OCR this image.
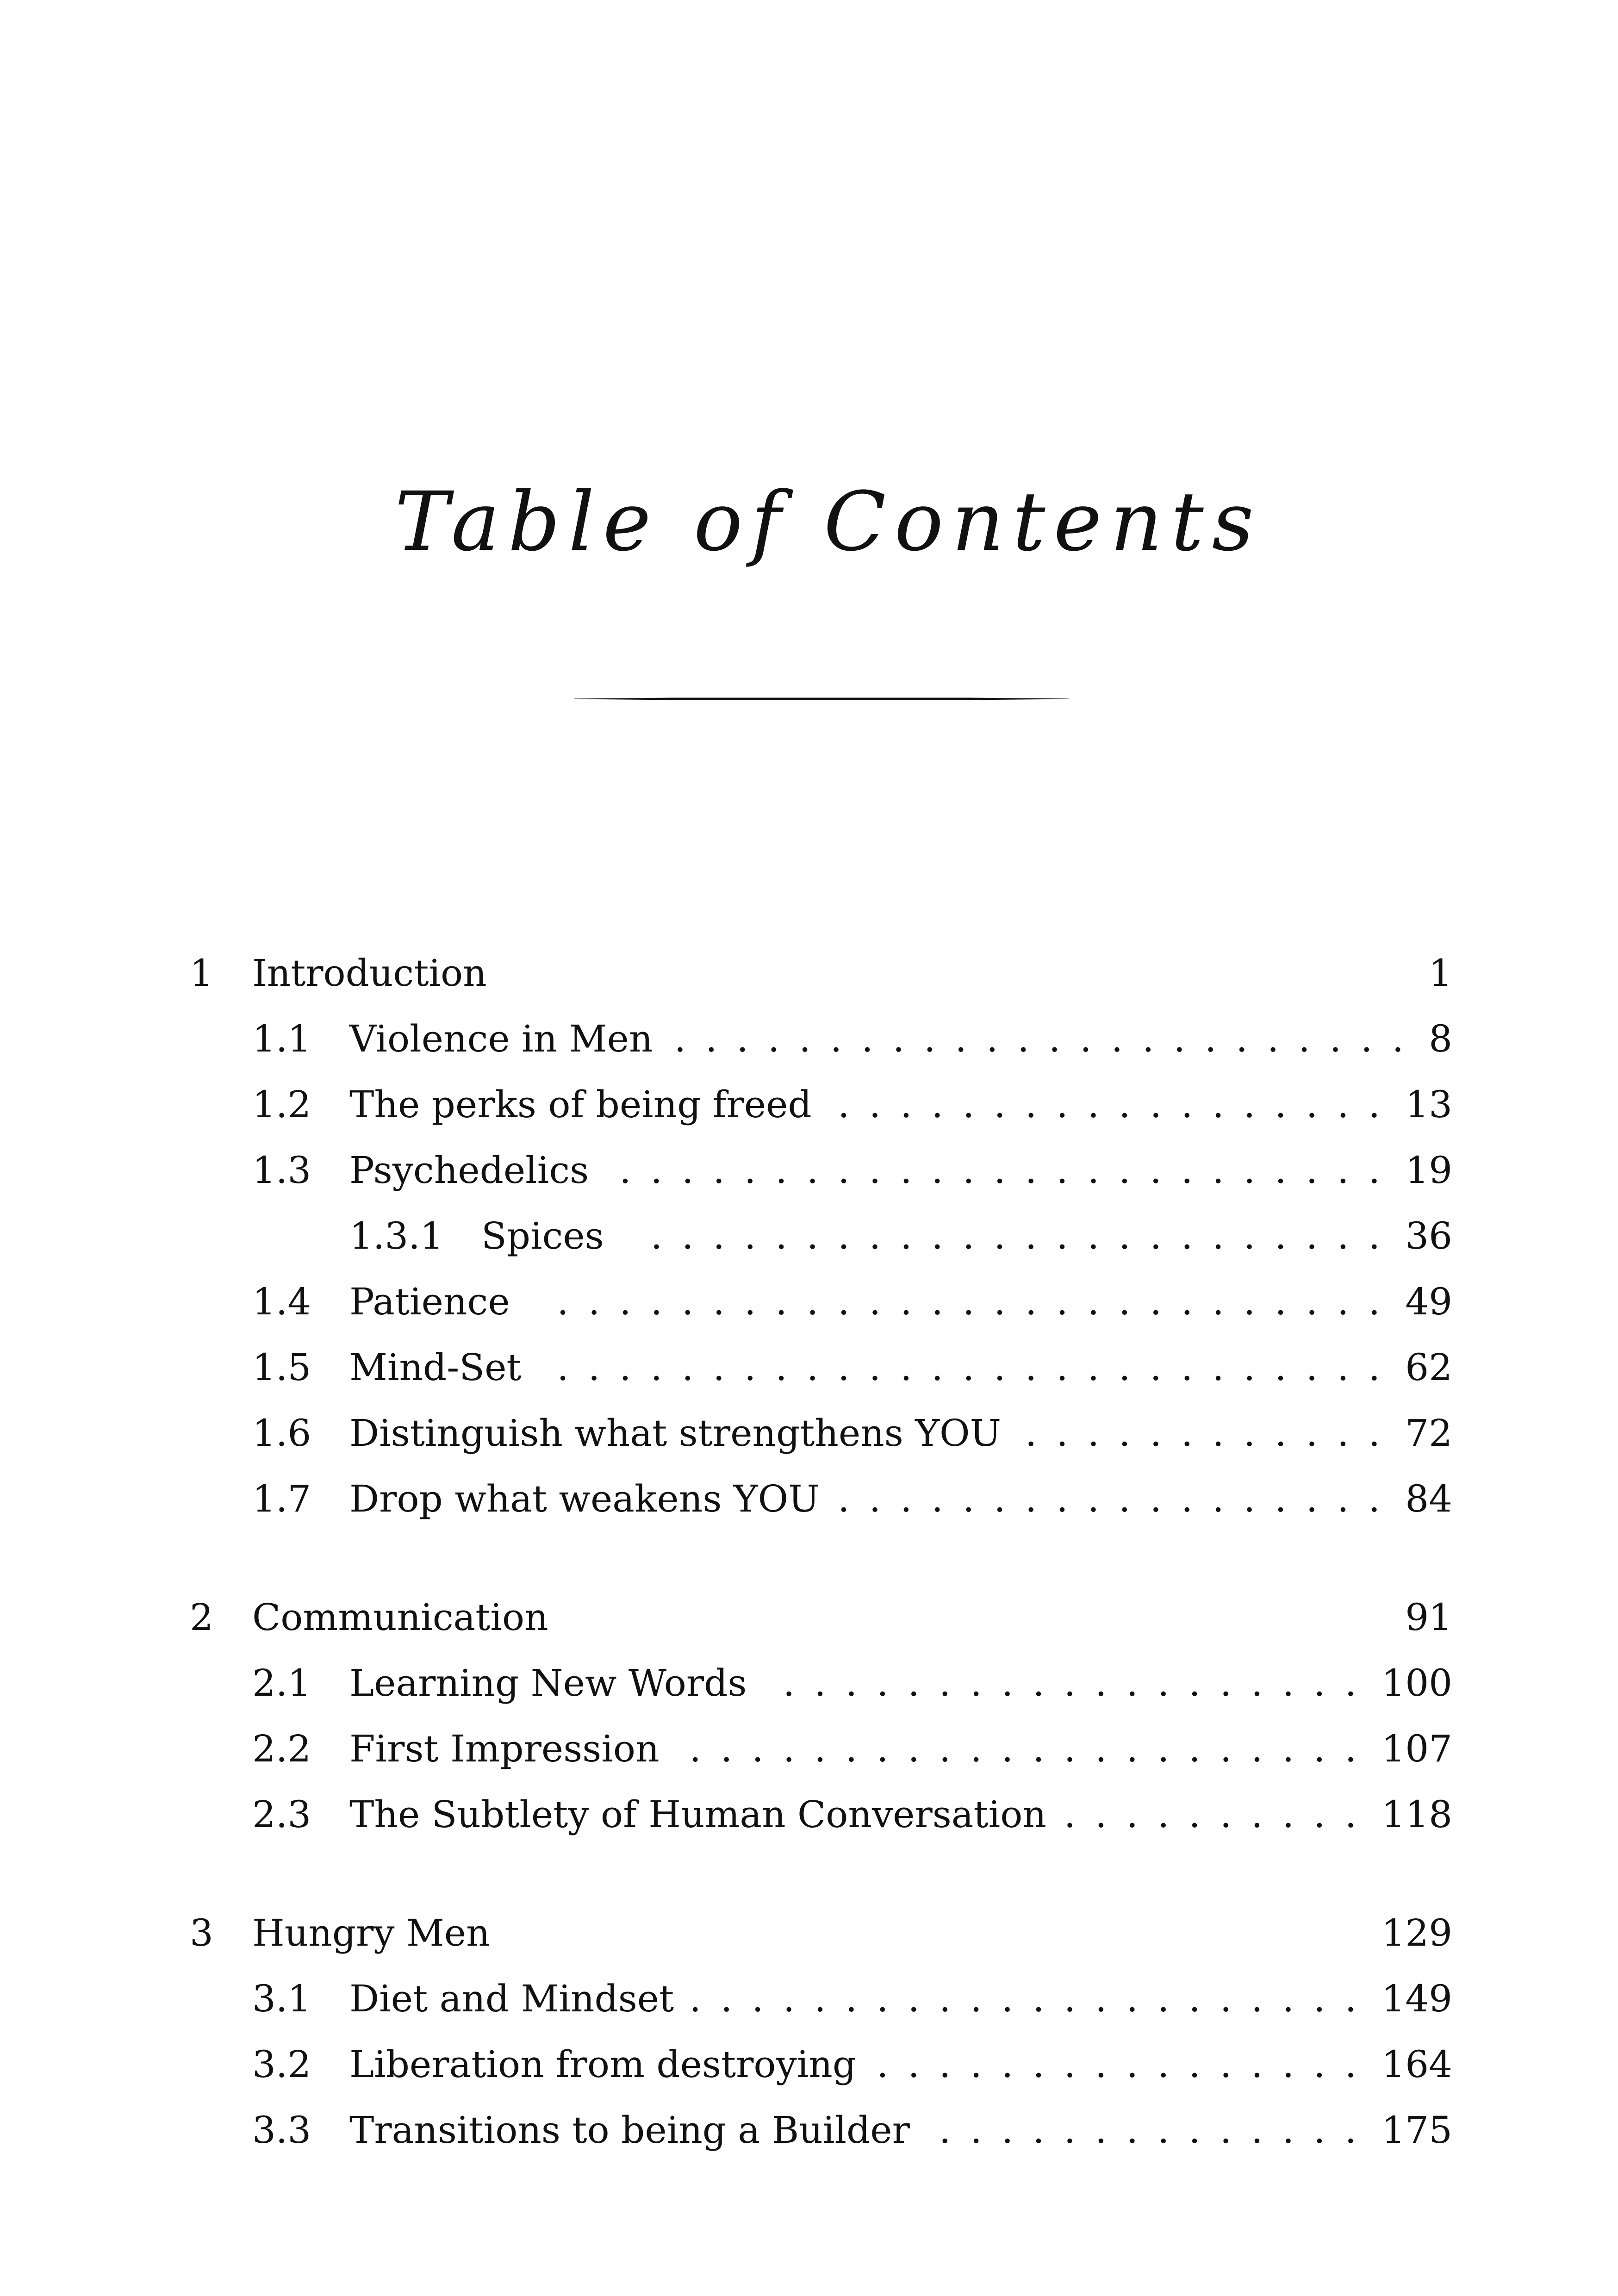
Table of Contents
1 Introduction	1
1.1 Violence in Men	8
........................
1.2 The perks of being freed	13
..................
1.3 Psychedelics	19
.........................
1.3.1 Spices	36
........................
1.4 Patience	49
...........................
1.5 Mind-Set	62
...........................
1.6 Distinguish what strengthens YOU	72
............
1.7 Drop what weakens YOU	84
..................
2 Communication	91
2.1 Learning New Words	100
...................
2.2 First Impression	107
......................
2.3 The Subtlety of Human Conversation	118
..........
3 Hungry Men	129
3.1 Diet and Mindset	149
......................
3.2 Liberation from destroying	164
................
3.3 Transitions to being a Builder	175
..............
